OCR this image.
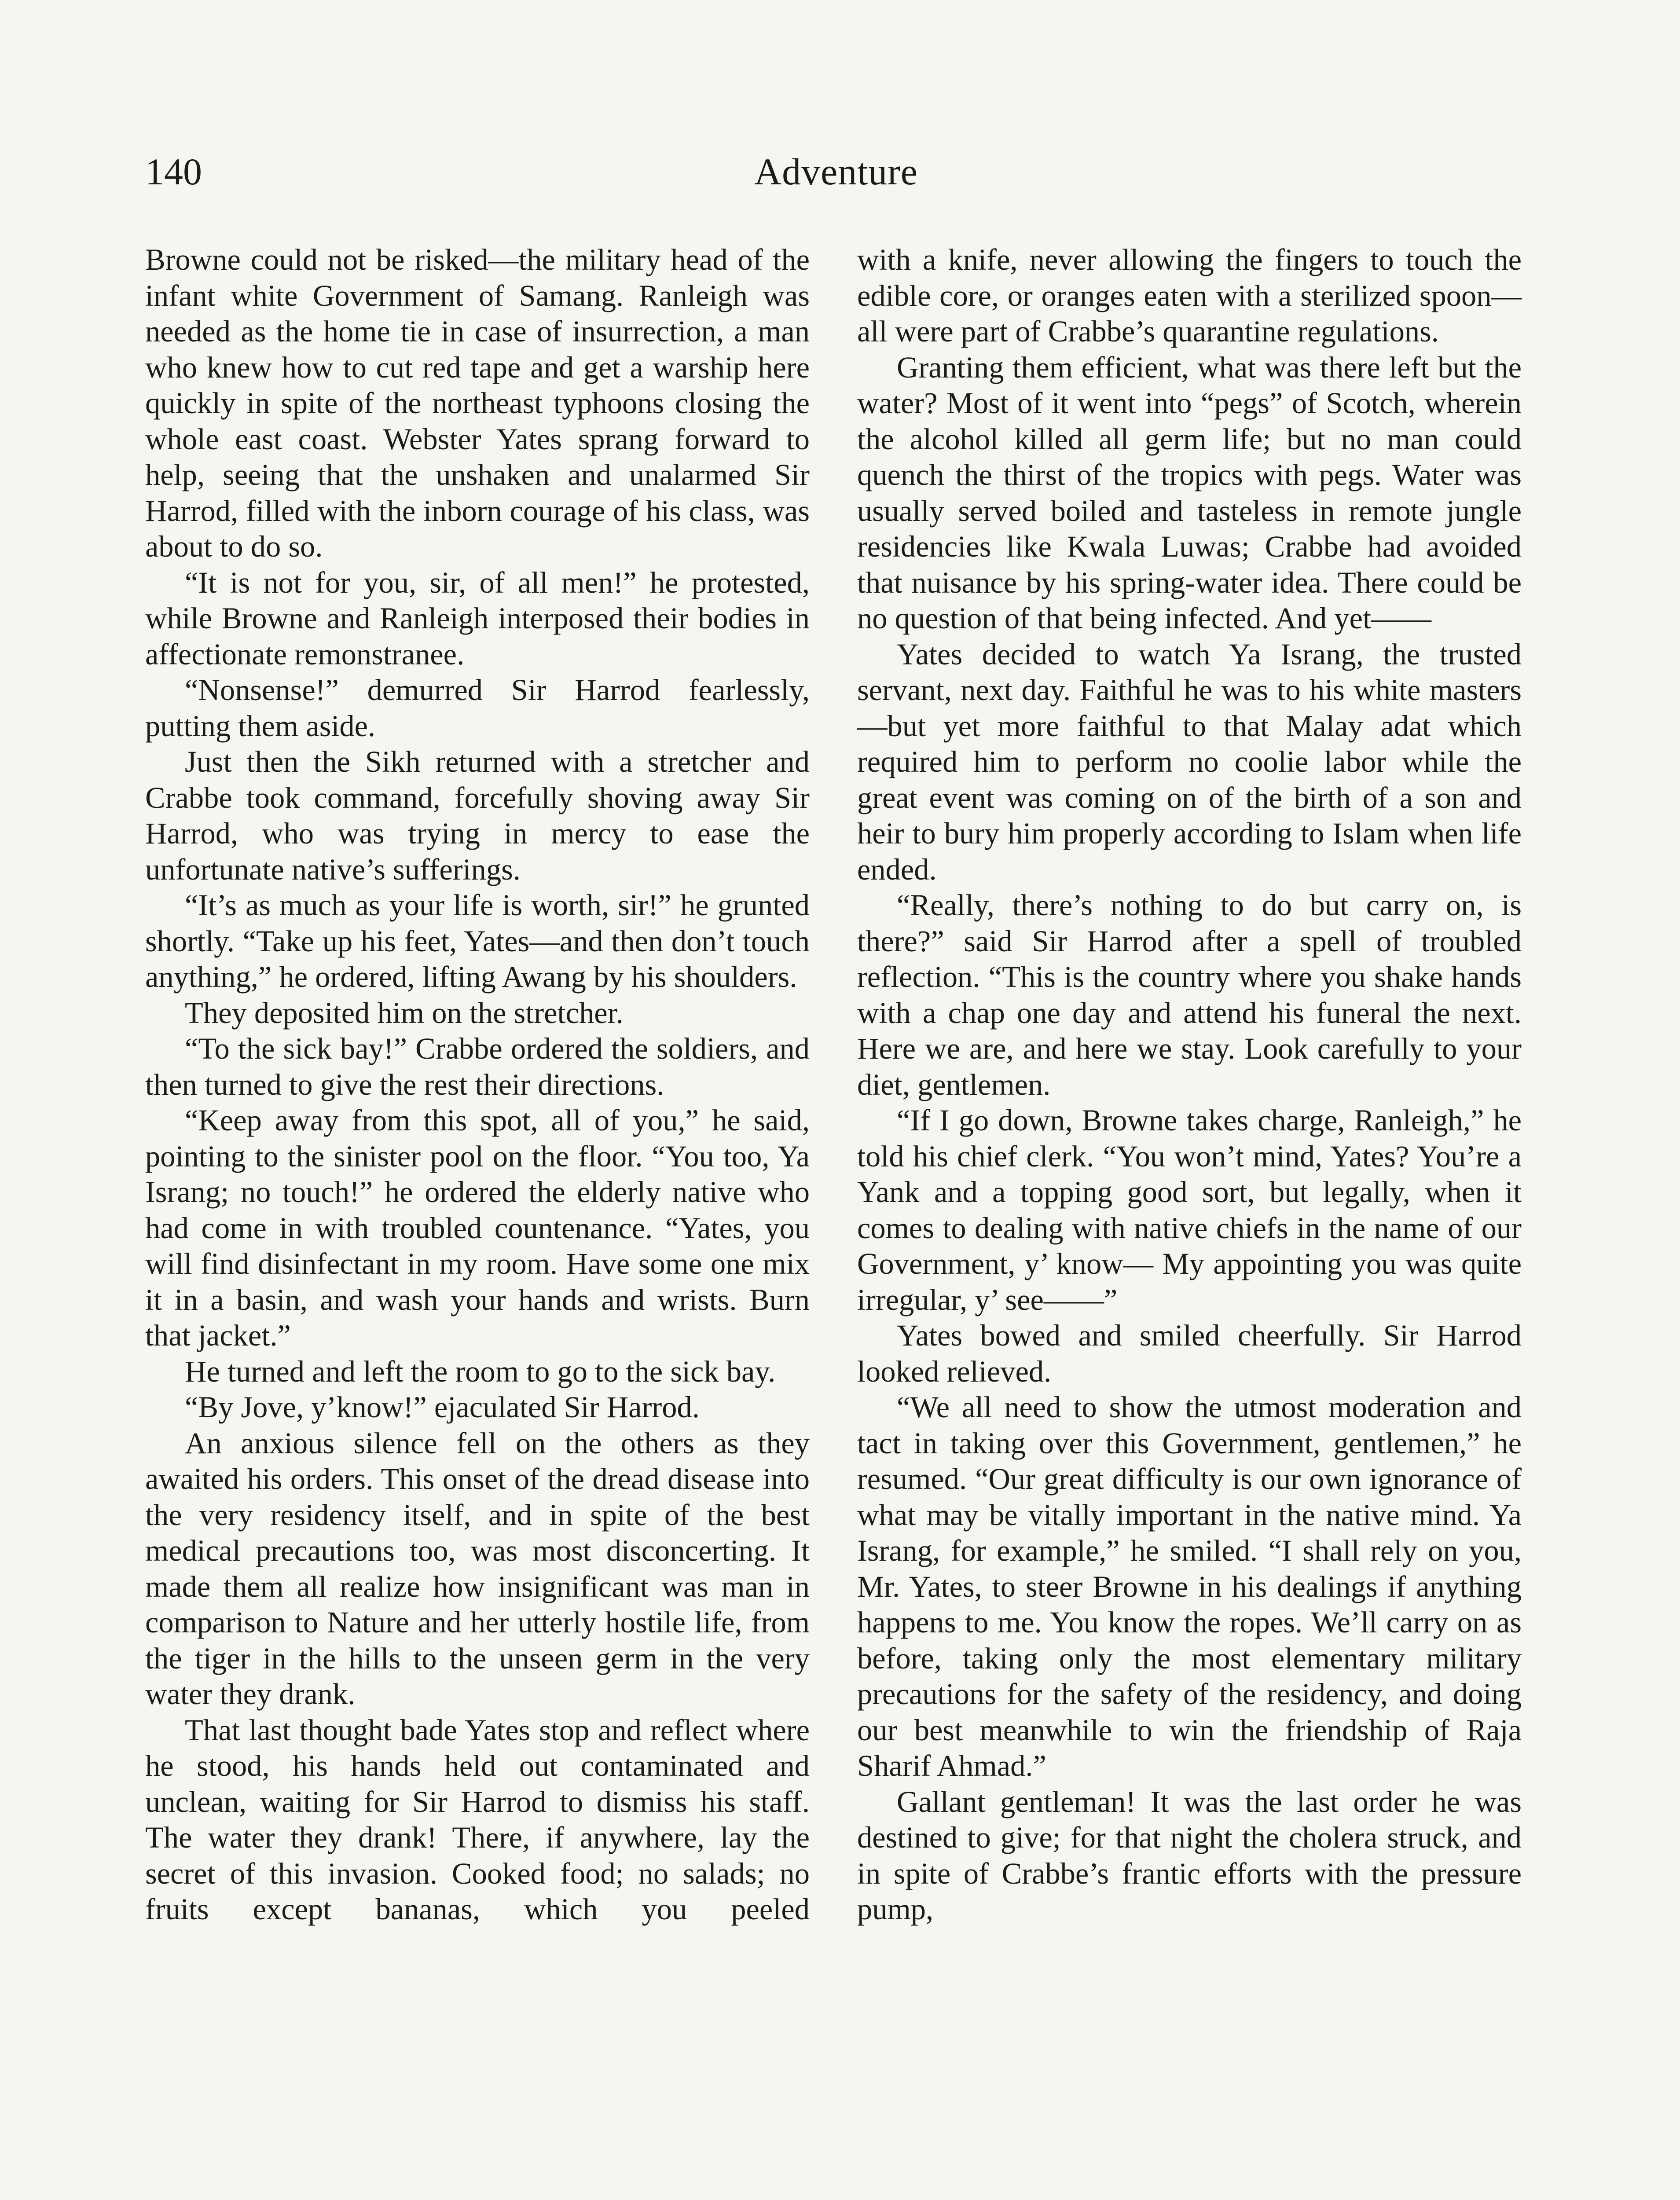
140	Adventure

Browne could not be risked—the military head of the infant white Government of Samang. Ranleigh was needed as the home tie in case of insurrection, a man who knew how to cut red tape and get a warship here quickly in spite of the northeast typhoons closing the whole east coast. Webster Yates sprang forward to help, seeing that the unshaken and unalarmed Sir Harrod, filled with the inborn courage of his class, was about to do so.

“It is not for you, sir, of all men!” he protested, while Browne and Ranleigh interposed their bodies in affectionate remonstranee.

“Nonsense!” demurred Sir Harrod fearlessly, putting them aside.

Just then the Sikh returned with a stretcher and Crabbe took command, forcefully shoving away Sir Harrod, who was trying in mercy to ease the unfortunate native’s sufferings.

“It’s as much as your life is worth, sir!” he grunted shortly. “Take up his feet, Yates—and then don’t touch anything,” he ordered, lifting Awang by his shoulders.

They deposited him on the stretcher.

“To the sick bay!” Crabbe ordered the soldiers, and then turned to give the rest their directions.

“Keep away from this spot, all of you,” he said, pointing to the sinister pool on the floor. “You too, Ya Israng; no touch!” he ordered the elderly native who had come in with troubled countenance. “Yates, you will find disinfectant in my room. Have some one mix it in a basin, and wash your hands and wrists. Burn that jacket.”

He turned and left the room to go to the sick bay.

“By Jove, y’know!” ejaculated Sir Harrod.

An anxious silence fell on the others as they awaited his orders. This onset of the dread disease into the very residency itself, and in spite of the best medical precautions too, was most disconcerting. It made them all realize how insignificant was man in comparison to Nature and her utterly hostile life, from the tiger in the hills to the unseen germ in the very water they drank.

That last thought bade Yates stop and reflect where he stood, his hands held out contaminated and unclean, waiting for Sir Harrod to dismiss his staff. The water they drank! There, if anywhere, lay the secret of this invasion. Cooked food; no salads; no fruits except bananas, which you peeled

with a knife, never allowing the fingers to touch the edible core, or oranges eaten with a sterilized spoon—all were part of Crabbe’s quarantine regulations.

Granting them efficient, what was there left but the water? Most of it went into “pegs” of Scotch, wherein the alcohol killed all germ life; but no man could quench the thirst of the tropics with pegs. Water was usually served boiled and tasteless in remote jungle residencies like Kwala Luwas; Crabbe had avoided that nuisance by his spring-water idea. There could be no question of that being infected. And yet——

Yates decided to watch Ya Israng, the trusted servant, next day. Faithful he was to his white masters—but yet more faithful to that Malay adat which required him to perform no coolie labor while the great event was coming on of the birth of a son and heir to bury him properly according to Islam when life ended.

“Really, there’s nothing to do but carry on, is there?” said Sir Harrod after a spell of troubled reflection. “This is the country where you shake hands with a chap one day and attend his funeral the next. Here we are, and here we stay. Look carefully to your diet, gentlemen.

“If I go down, Browne takes charge, Ranleigh,” he told his chief clerk. “You won’t mind, Yates? You’re a Yank and a topping good sort, but legally, when it comes to dealing with native chiefs in the name of our Government, y’ know— My appointing you was quite irregular, y’ see——”

Yates bowed and smiled cheerfully. Sir Harrod looked relieved.

“We all need to show the utmost moderation and tact in taking over this Government, gentlemen,” he resumed. “Our great difficulty is our own ignorance of what may be vitally important in the native mind. Ya Israng, for example,” he smiled. “I shall rely on you, Mr. Yates, to steer Browne in his dealings if anything happens to me. You know the ropes. We’ll carry on as before, taking only the most elementary military precautions for the safety of the residency, and doing our best meanwhile to win the friendship of Raja Sharif Ahmad.”

Gallant gentleman! It was the last order he was destined to give; for that night the cholera struck, and in spite of Crabbe’s frantic efforts with the pressure pump,
